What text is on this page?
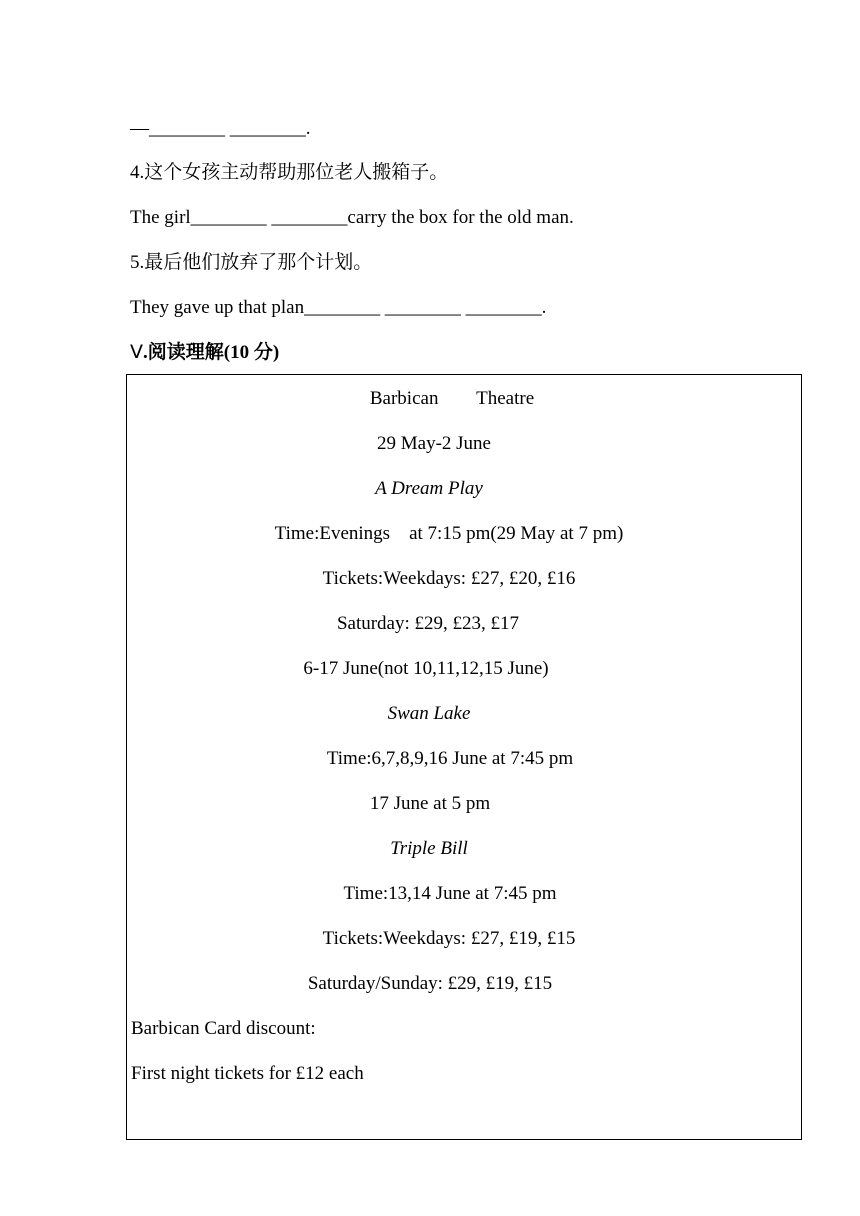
—________ ________.
4.这个女孩主动帮助那位老人搬箱子。
The girl________ ________carry the box for the old man.
5.最后他们放弃了那个计划。
They gave up that plan________ ________ ________.
Ⅴ.阅读理解(10 分)
Barbican        Theatre
29 May-2 June
A Dream Play
Time:Evenings    at 7:15 pm(29 May at 7 pm)
Tickets:Weekdays: £27, £20, £16
Saturday: £29, £23, £17
6-17 June(not 10,11,12,15 June)
Swan Lake
Time:6,7,8,9,16 June at 7:45 pm
17 June at 5 pm
Triple Bill
Time:13,14 June at 7:45 pm
Tickets:Weekdays: £27, £19, £15
Saturday/Sunday: £29, £19, £15
Barbican Card discount:
First night tickets for £12 each
